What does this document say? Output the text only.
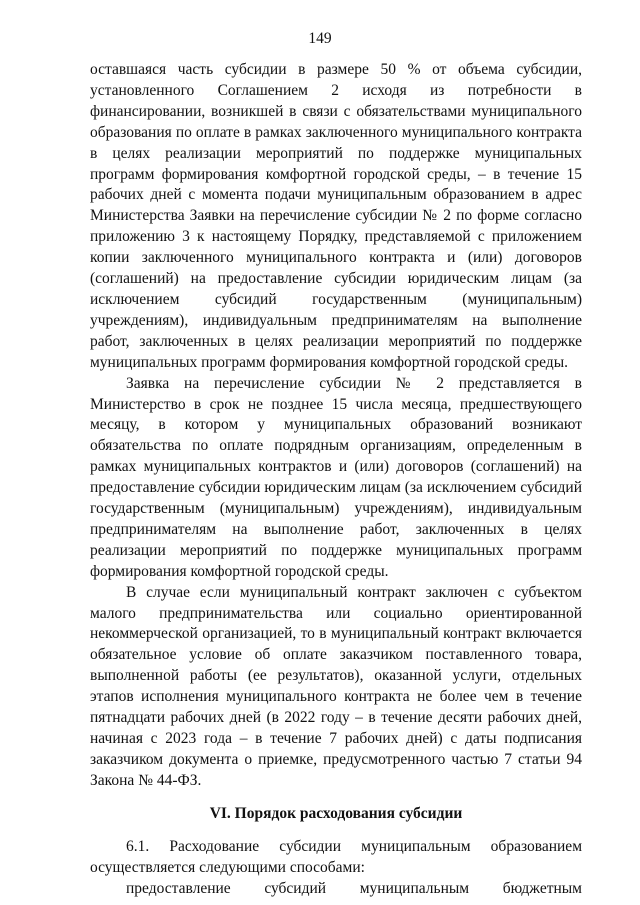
149

оставшаяся часть субсидии в размере 50 % от объема субсидии, установленного Соглашением 2 исходя из потребности в финансировании, возникшей в связи с обязательствами муниципального образования по оплате в рамках заключенного муниципального контракта в целях реализации мероприятий по поддержке муниципальных программ формирования комфортной городской среды, – в течение 15 рабочих дней с момента подачи муниципальным образованием в адрес Министерства Заявки на перечисление субсидии № 2 по форме согласно приложению 3 к настоящему Порядку, представляемой с приложением копии заключенного муниципального контракта и (или) договоров (соглашений) на предоставление субсидии юридическим лицам (за исключением субсидий государственным (муниципальным) учреждениям), индивидуальным предпринимателям на выполнение работ, заключенных в целях реализации мероприятий по поддержке муниципальных программ формирования комфортной городской среды.

Заявка на перечисление субсидии № 2 представляется в Министерство в срок не позднее 15 числа месяца, предшествующего месяцу, в котором у муниципальных образований возникают обязательства по оплате подрядным организациям, определенным в рамках муниципальных контрактов и (или) договоров (соглашений) на предоставление субсидии юридическим лицам (за исключением субсидий государственным (муниципальным) учреждениям), индивидуальным предпринимателям на выполнение работ, заключенных в целях реализации мероприятий по поддержке муниципальных программ формирования комфортной городской среды.

В случае если муниципальный контракт заключен с субъектом малого предпринимательства или социально ориентированной некоммерческой организацией, то в муниципальный контракт включается обязательное условие об оплате заказчиком поставленного товара, выполненной работы (ее результатов), оказанной услуги, отдельных этапов исполнения муниципального контракта не более чем в течение пятнадцати рабочих дней (в 2022 году – в течение десяти рабочих дней, начиная с 2023 года – в течение 7 рабочих дней) с даты подписания заказчиком документа о приемке, предусмотренного частью 7 статьи 94 Закона № 44-ФЗ.

VI. Порядок расходования субсидии

6.1. Расходование субсидии муниципальным образованием осуществляется следующими способами:

предоставление субсидий муниципальным бюджетным
